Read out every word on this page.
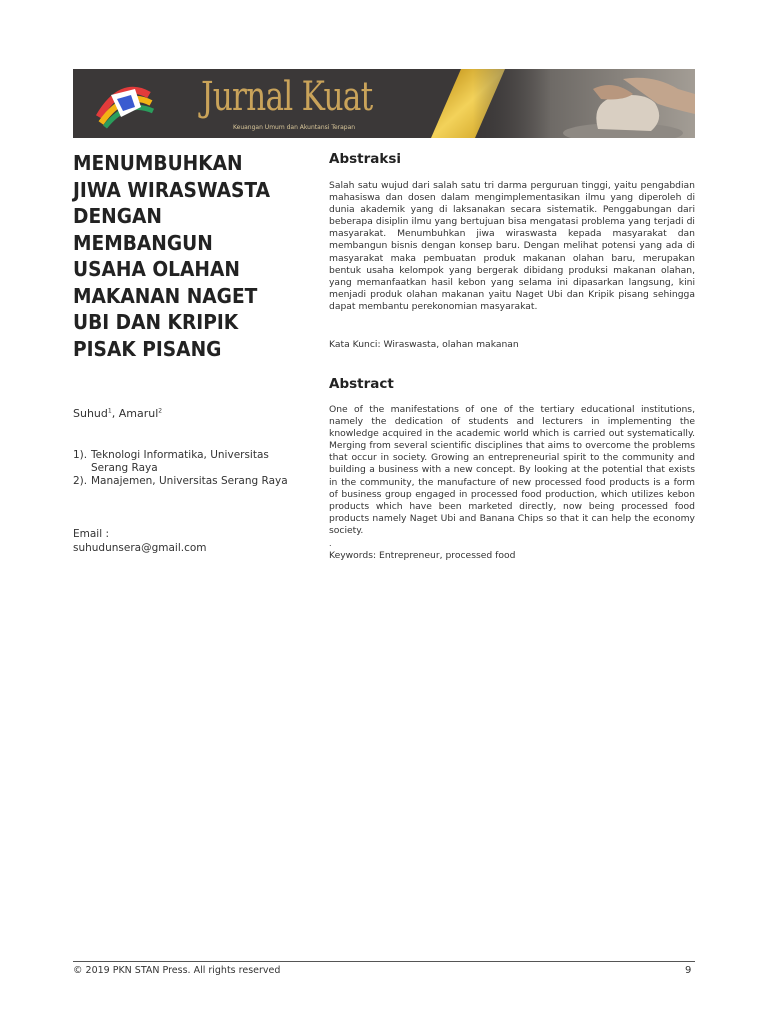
Jurnal Kuat
Keuangan Umum dan Akuntansi Terapan
MENUMBUHKAN JIWA WIRASWASTA DENGAN MEMBANGUN USAHA OLAHAN MAKANAN NAGET UBI DAN KRIPIK PISAK PISANG
Suhud$^1$, Amarul$^2$
1). Teknologi Informatika, Universitas Serang Raya
2). Manajemen, Universitas Serang Raya
Email :
suhudunsera@gmail.com
Abstraksi

Salah satu wujud dari salah satu tri darma perguruan tinggi, yaitu pengabdian mahasiswa dan dosen dalam mengimplementasikan ilmu yang diperoleh di dunia akademik yang di laksanakan secara sistematik. Penggabungan dari beberapa disiplin ilmu yang bertujuan bisa mengatasi problema yang terjadi di masyarakat. Menumbuhkan jiwa wiraswasta kepada masyarakat dan membangun bisnis dengan konsep baru. Dengan melihat potensi yang ada di masyarakat maka pembuatan produk makanan olahan baru, merupakan bentuk usaha kelompok yang bergerak dibidang produksi makanan olahan, yang memanfaatkan hasil kebon yang selama ini dipasarkan langsung, kini menjadi produk olahan makanan yaitu Naget Ubi dan Kripik pisang sehingga dapat membantu perekonomian masyarakat.

Kata Kunci: Wiraswasta, olahan makanan

Abstract

One of the manifestations of one of the tertiary educational institutions, namely the dedication of students and lecturers in implementing the knowledge acquired in the academic world which is carried out systematically. Merging from several scientific disciplines that aims to overcome the problems that occur in society. Growing an entrepreneurial spirit to the community and building a business with a new concept. By looking at the potential that exists in the community, the manufacture of new processed food products is a form of business group engaged in processed food production, which utilizes kebon products which have been marketed directly, now being processed food products namely Naget Ubi and Banana Chips so that it can help the economy society.

.

Keywords: Entrepreneur, processed food

© 2019 PKN STAN Press. All rights reserved	9
